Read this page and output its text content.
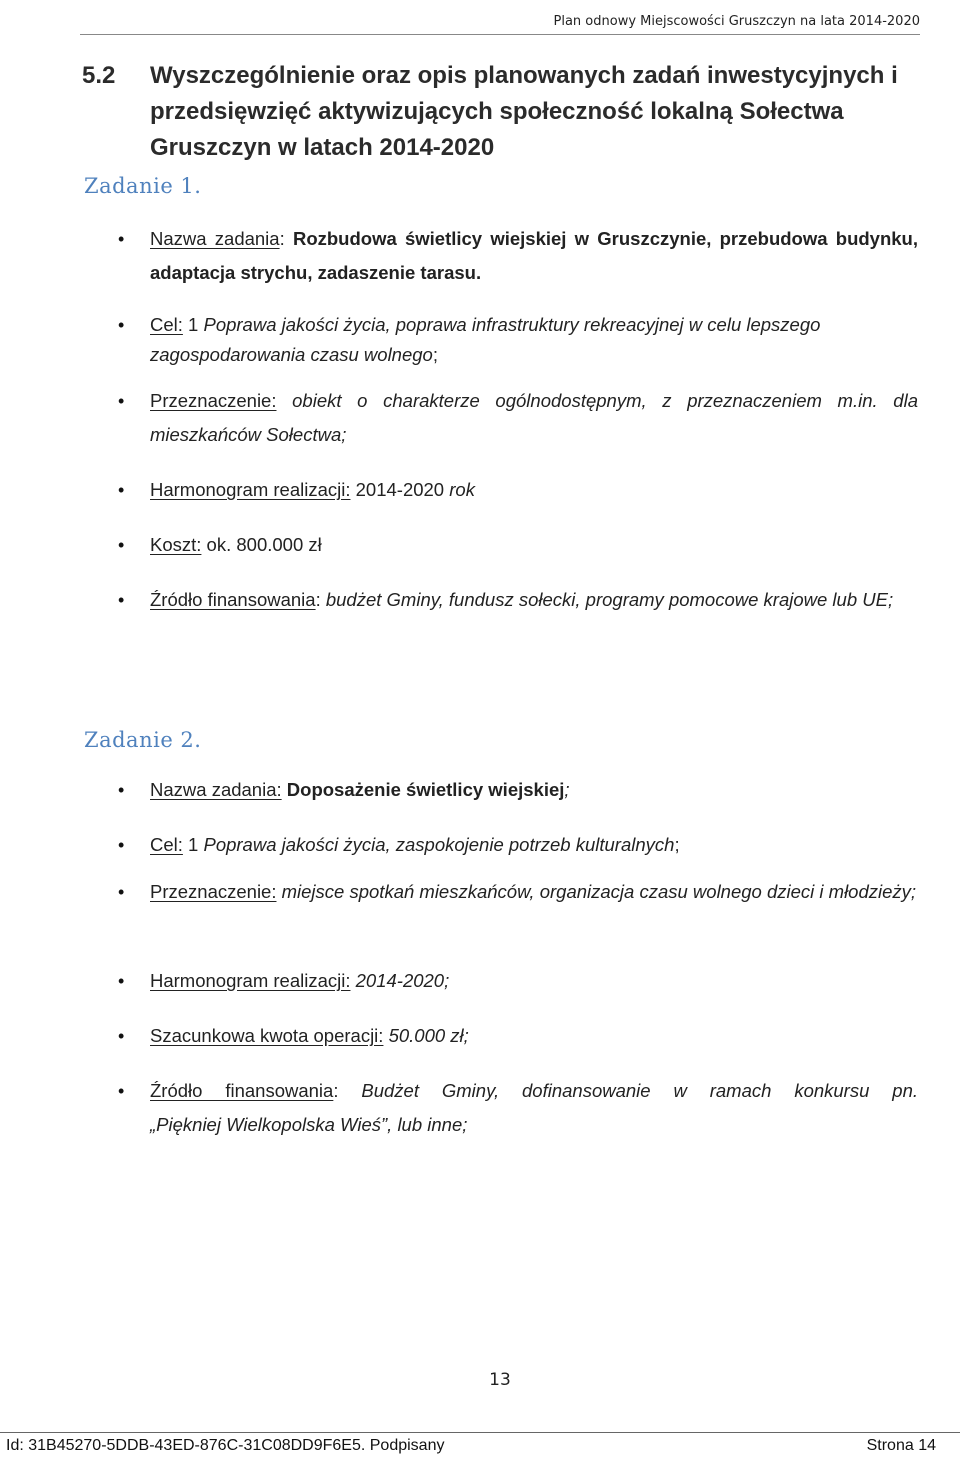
Plan odnowy Miejscowości Gruszczyn na lata 2014-2020
5.2 Wyszczególnienie oraz opis planowanych zadań inwestycyjnych i przedsięwzięć aktywizujących społeczność lokalną Sołectwa Gruszczyn w latach 2014-2020
Zadanie 1.
• Nazwa zadania: Rozbudowa świetlicy wiejskiej w Gruszczynie, przebudowa budynku, adaptacja strychu, zadaszenie tarasu.
• Cel: 1 Poprawa jakości życia, poprawa infrastruktury rekreacyjnej w celu lepszego zagospodarowania czasu wolnego;
• Przeznaczenie: obiekt o charakterze ogólnodostępnym, z przeznaczeniem m.in. dla mieszkańców Sołectwa;
• Harmonogram realizacji: 2014-2020 rok
• Koszt: ok. 800.000 zł
• Źródło finansowania: budżet Gminy, fundusz sołecki, programy pomocowe krajowe lub UE;
Zadanie 2.
• Nazwa zadania: Doposażenie świetlicy wiejskiej;
• Cel: 1 Poprawa jakości życia, zaspokojenie potrzeb kulturalnych;
• Przeznaczenie: miejsce spotkań mieszkańców, organizacja czasu wolnego dzieci i młodzieży;
• Harmonogram realizacji: 2014-2020;
• Szacunkowa kwota operacji: 50.000 zł;
• Źródło finansowania: Budżet Gminy, dofinansowanie w ramach konkursu pn.
„Piękniej Wielkopolska Wieś”, lub inne;
13
Id: 31B45270-5DDB-43ED-876C-31C08DD9F6E5. Podpisany	Strona 14
